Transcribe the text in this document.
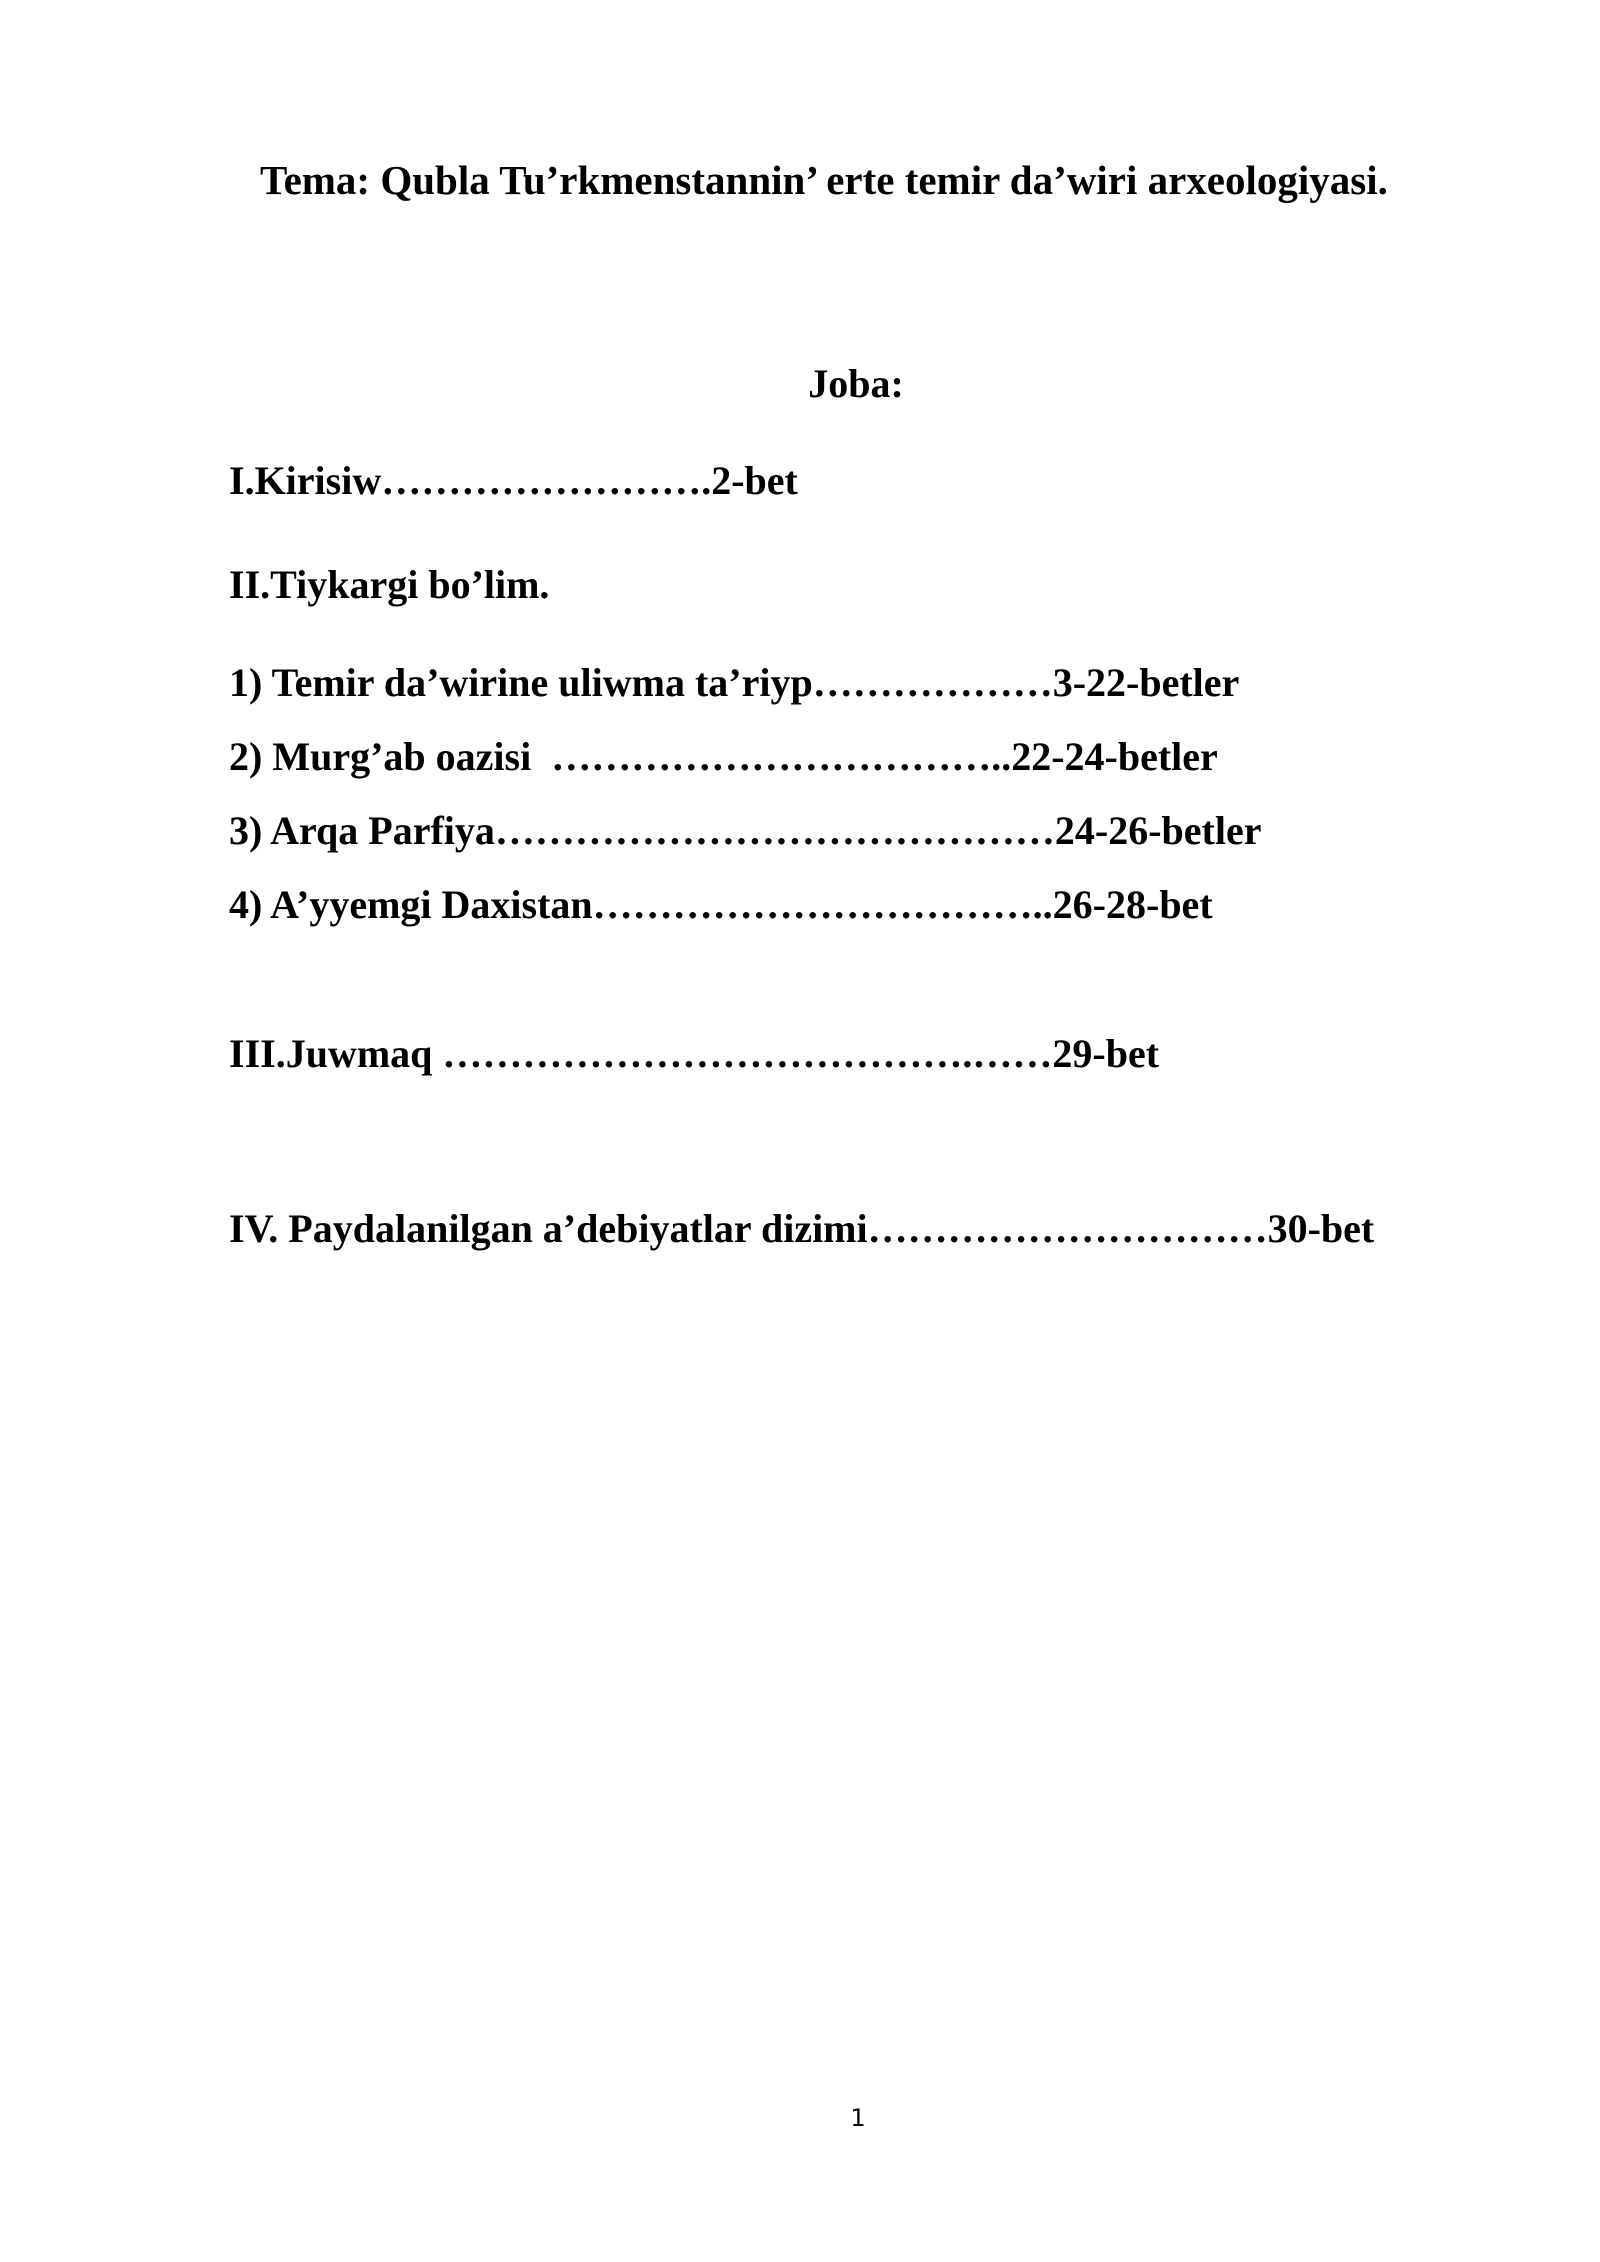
Tema: Qubla Tu’rkmenstannin’ erte temir da’wiri arxeologiyasi.
Joba:
I.Kirisiw…………………….2-bet
II.Tiykargi bo’lim.
1) Temir da’wirine uliwma ta’riyp………………3-22-betler
2) Murg’ab oazisi  ……………………………..22-24-betler
3) Arqa Parfiya……………………………………24-26-betler
4) A’yyemgi Daxistan……………………………..26-28-bet
III.Juwmaq ………………………………….……29-bet
IV. Paydalanilgan a’debiyatlar dizimi…………………………30-bet
1
